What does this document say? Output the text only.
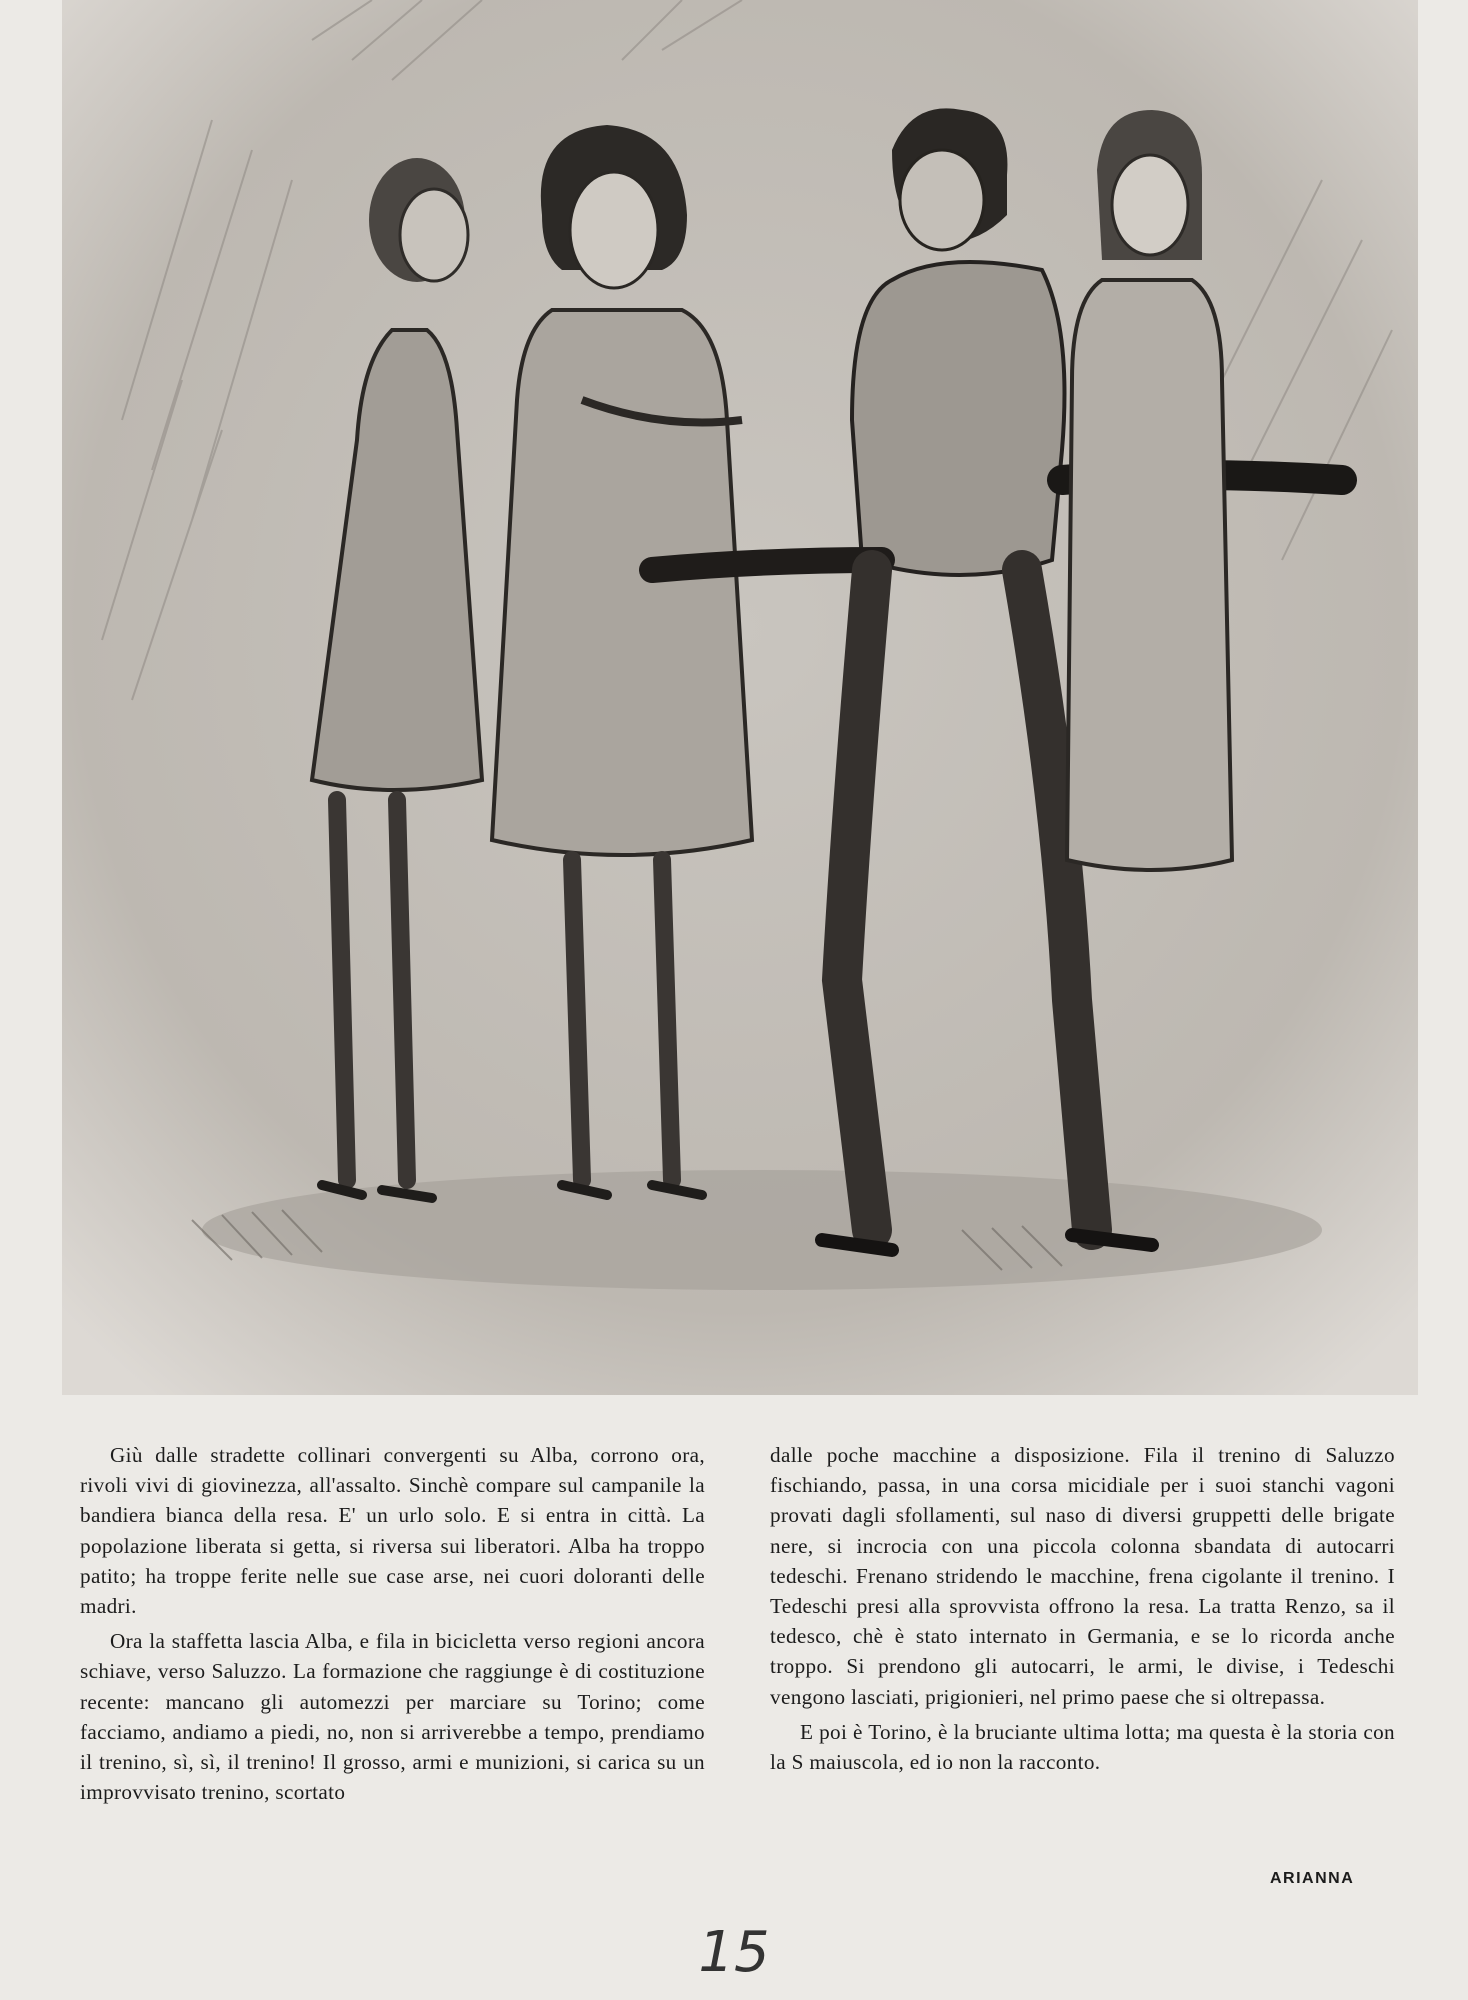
Giù dalle stradette collinari convergenti su Alba, corrono ora, rivoli vivi di giovinezza, all'assalto. Sinchè compare sul campanile la bandiera bianca della resa. E' un urlo solo. E si entra in città. La popolazione liberata si getta, si riversa sui liberatori. Alba ha troppo patito; ha troppe ferite nelle sue case arse, nei cuori doloranti delle madri.

Ora la staffetta lascia Alba, e fila in bicicletta verso regioni ancora schiave, verso Saluzzo. La formazione che raggiunge è di costituzione recente: mancano gli automezzi per marciare su Torino; come facciamo, andiamo a piedi, no, non si arriverebbe a tempo, prendiamo il trenino, sì, sì, il trenino! Il grosso, armi e munizioni, si carica su un improvvisato trenino, scortato

dalle poche macchine a disposizione. Fila il trenino di Saluzzo fischiando, passa, in una corsa micidiale per i suoi stanchi vagoni provati dagli sfollamenti, sul naso di diversi gruppetti delle brigate nere, si incrocia con una piccola colonna sbandata di autocarri tedeschi. Frenano stridendo le macchine, frena cigolante il trenino. I Tedeschi presi alla sprovvista offrono la resa. La tratta Renzo, sa il tedesco, chè è stato internato in Germania, e se lo ricorda anche troppo. Si prendono gli autocarri, le armi, le divise, i Tedeschi vengono lasciati, prigionieri, nel primo paese che si oltrepassa.

E poi è Torino, è la bruciante ultima lotta; ma questa è la storia con la S maiuscola, ed io non la racconto.

ARIANNA
15
